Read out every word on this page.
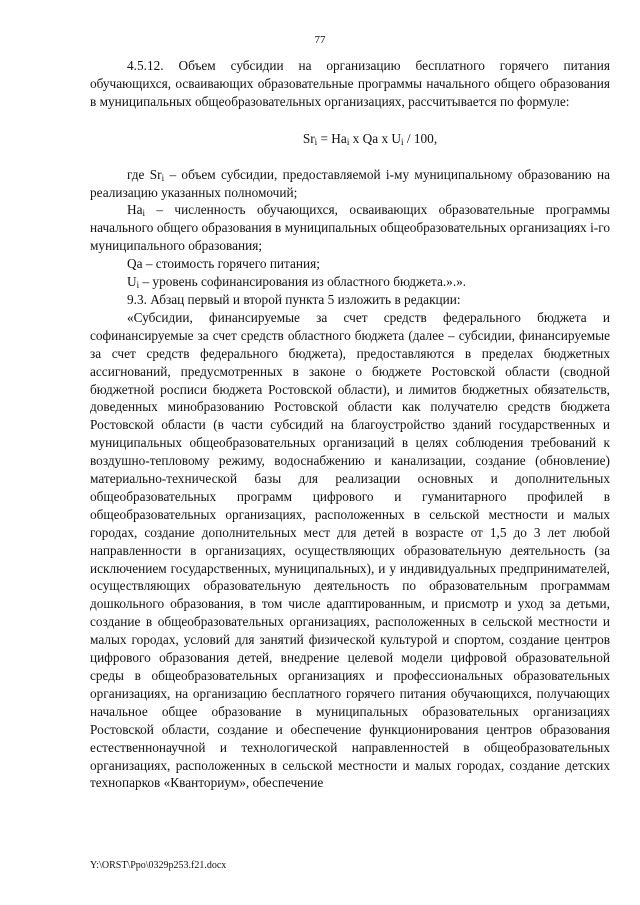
77

4.5.12. Объем субсидии на организацию бесплатного горячего питания обучающихся, осваивающих образовательные программы начального общего образования в муниципальных общеобразовательных организациях, рассчитывается по формуле:

$Sr_i = Ha_i$ x Qa x $U_i / 100$,

где $Sr_i$ – объем субсидии, предоставляемой i-му муниципальному образованию на реализацию указанных полномочий;

$Ha_i$ – численность обучающихся, осваивающих образовательные программы начального общего образования в муниципальных общеобразовательных организациях i-го муниципального образования;

Qa – стоимость горячего питания;

$U_i$ – уровень софинансирования из областного бюджета.».».

9.3. Абзац первый и второй пункта 5 изложить в редакции:

«Субсидии, финансируемые за счет средств федерального бюджета и софинансируемые за счет средств областного бюджета (далее – субсидии, финансируемые за счет средств федерального бюджета), предоставляются в пределах бюджетных ассигнований, предусмотренных в законе о бюджете Ростовской области (сводной бюджетной росписи бюджета Ростовской области), и лимитов бюджетных обязательств, доведенных минобразованию Ростовской области как получателю средств бюджета Ростовской области (в части субсидий на благоустройство зданий государственных и муниципальных общеобразовательных организаций в целях соблюдения требований к воздушно-тепловому режиму, водоснабжению и канализации, создание (обновление) материально-технической базы для реализации основных и дополнительных общеобразовательных программ цифрового и гуманитарного профилей в общеобразовательных организациях, расположенных в сельской местности и малых городах, создание дополнительных мест для детей в возрасте от 1,5 до 3 лет любой направленности в организациях, осуществляющих образовательную деятельность (за исключением государственных, муниципальных), и у индивидуальных предпринимателей, осуществляющих образовательную деятельность по образовательным программам дошкольного образования, в том числе адаптированным, и присмотр и уход за детьми, создание в общеобразовательных организациях, расположенных в сельской местности и малых городах, условий для занятий физической культурой и спортом, создание центров цифрового образования детей, внедрение целевой модели цифровой образовательной среды в общеобразовательных организациях и профессиональных образовательных организациях, на организацию бесплатного горячего питания обучающихся, получающих начальное общее образование в муниципальных образовательных организациях Ростовской области, создание и обеспечение функционирования центров образования естественнонаучной и технологической направленностей в общеобразовательных организациях, расположенных в сельской местности и малых городах, создание детских технопарков «Кванториум», обеспечение

Y:\ORST\Ppo\0329p253.f21.docx
